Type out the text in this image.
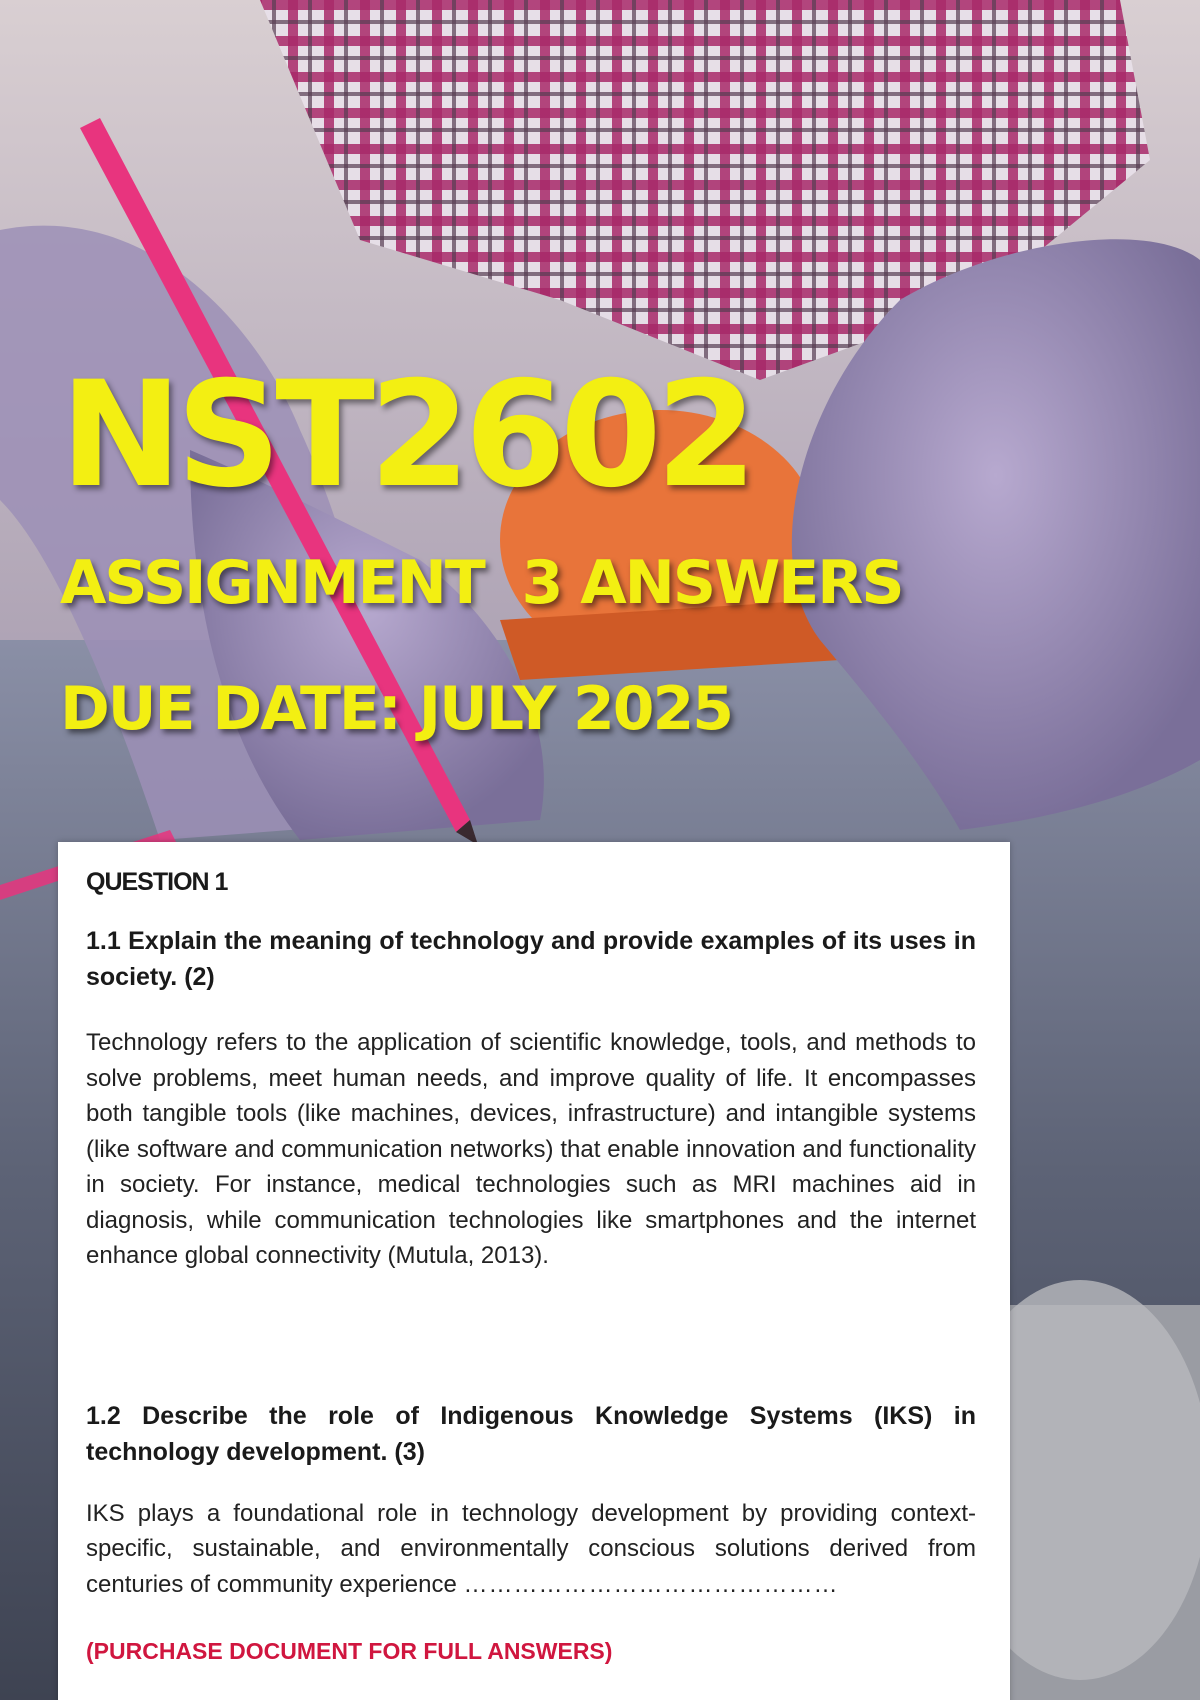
NST2602
ASSIGNMENT  3 ANSWERS
DUE DATE: JULY 2025

QUESTION 1

1.1 Explain the meaning of technology and provide examples of its uses in society. (2)

Technology refers to the application of scientific knowledge, tools, and methods to solve problems, meet human needs, and improve quality of life. It encompasses both tangible tools (like machines, devices, infrastructure) and intangible systems (like software and communication networks) that enable innovation and functionality in society. For instance, medical technologies such as MRI machines aid in diagnosis, while communication technologies like smartphones and the internet enhance global connectivity (Mutula, 2013).

1.2 Describe the role of Indigenous Knowledge Systems (IKS) in technology development. (3)

IKS plays a foundational role in technology development by providing context-specific, sustainable, and environmentally conscious solutions derived from centuries of community experience ………………………………………

(PURCHASE DOCUMENT FOR FULL ANSWERS)
